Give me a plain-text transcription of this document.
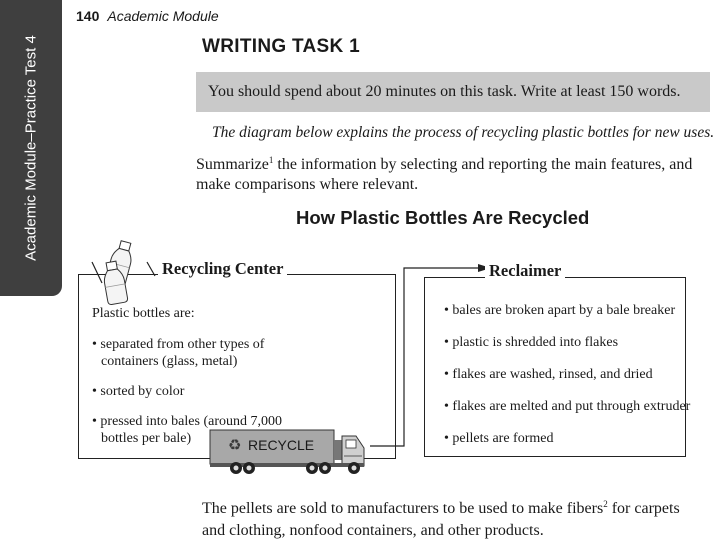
Academic Module–Practice Test 4
140 Academic Module
WRITING TASK 1
You should spend about 20 minutes on this task. Write at least 150 words.
The diagram below explains the process of recycling plastic bottles for new uses.
Summarize$^1$ the information by selecting and reporting the main features, and make comparisons where relevant.
How Plastic Bottles Are Recycled
Recycling Center	Reclaimer
Plastic bottles are:
• separated from other types of containers (glass, metal)
• sorted by color
• pressed into bales (around 7,000 bottles per bale)
• bales are broken apart by a bale breaker
• plastic is shredded into flakes
• flakes are washed, rinsed, and dried
• flakes are melted and put through extruder
• pellets are formed
♻ RECYCLE
The pellets are sold to manufacturers to be used to make fibers$^2$ for carpets and clothing, nonfood containers, and other products.
